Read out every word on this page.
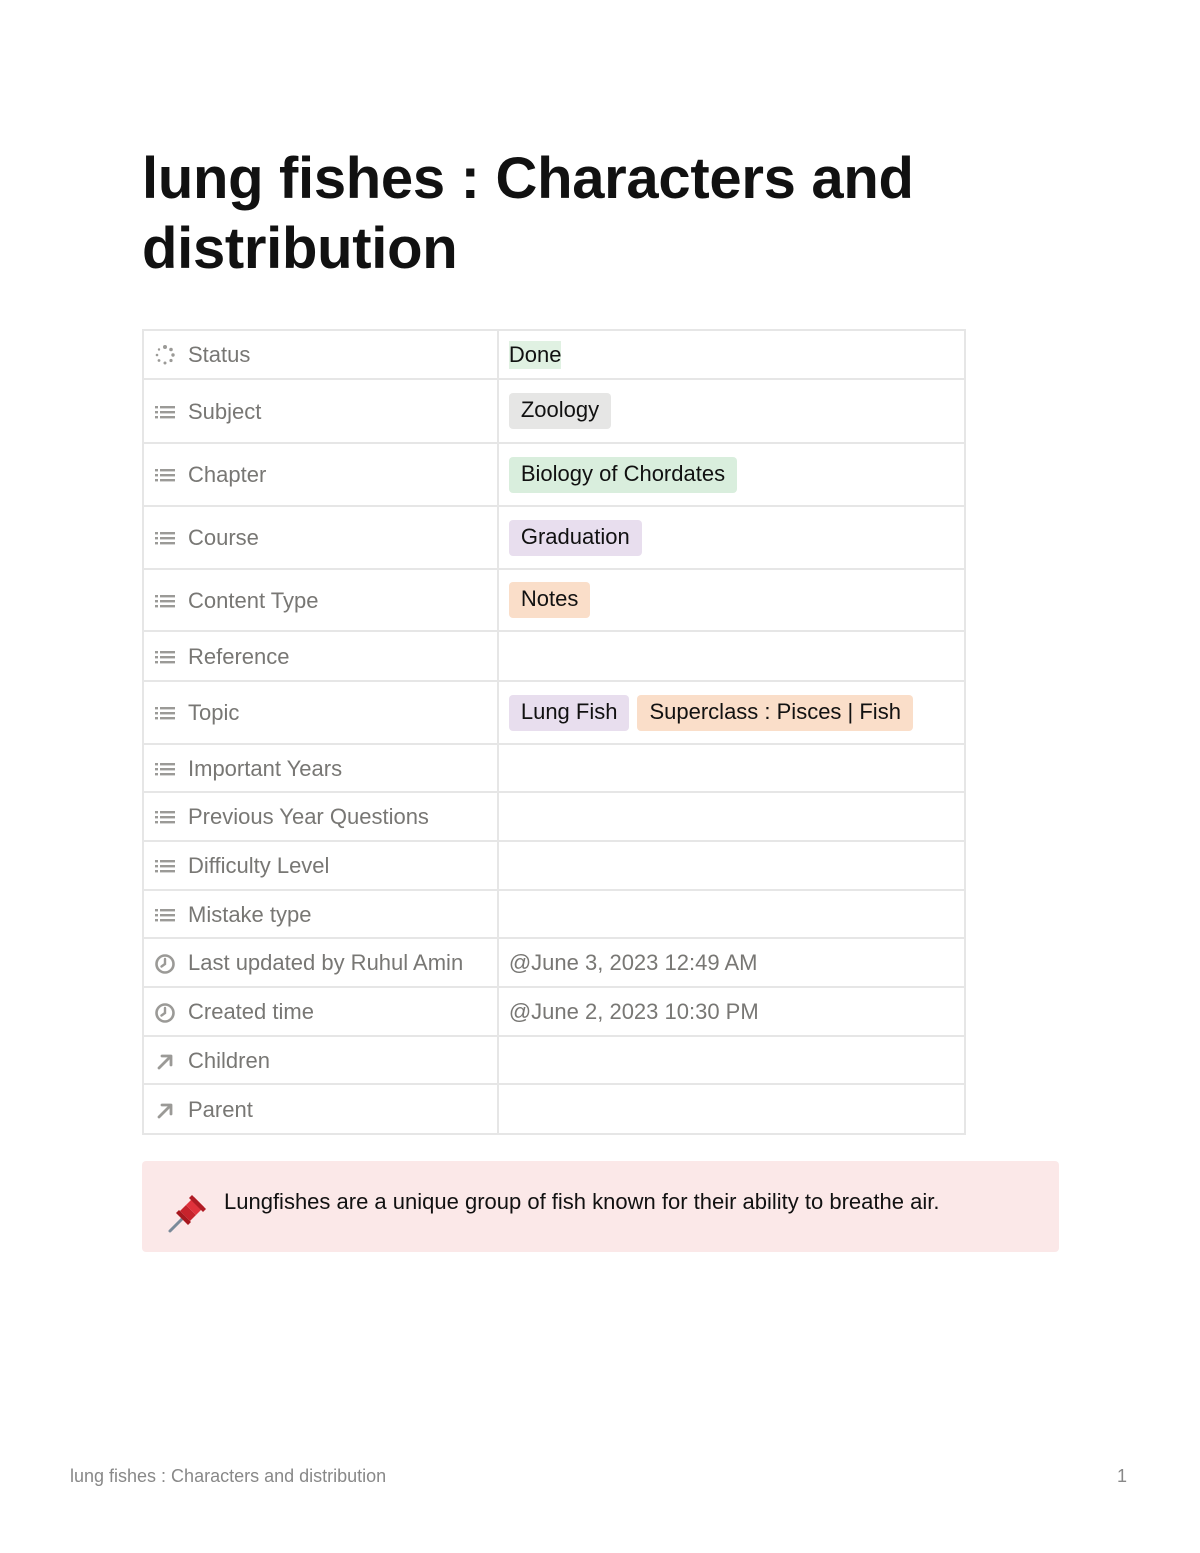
lung fishes : Characters and distribution
Status	Done

Subject	Zoology

Chapter	Biology of Chordates

Course	Graduation

Content Type	Notes

Reference	

Topic	Lung Fish Superclass : Pisces | Fish

Important Years	

Previous Year Questions	

Difficulty Level	

Mistake type	

Last updated by Ruhul Amin	@June 3, 2023 12:49 AM

Created time	@June 2, 2023 10:30 PM

Children	

Parent	
Lungfishes are a unique group of fish known for their ability to breathe air.
lung fishes : Characters and distribution	1
